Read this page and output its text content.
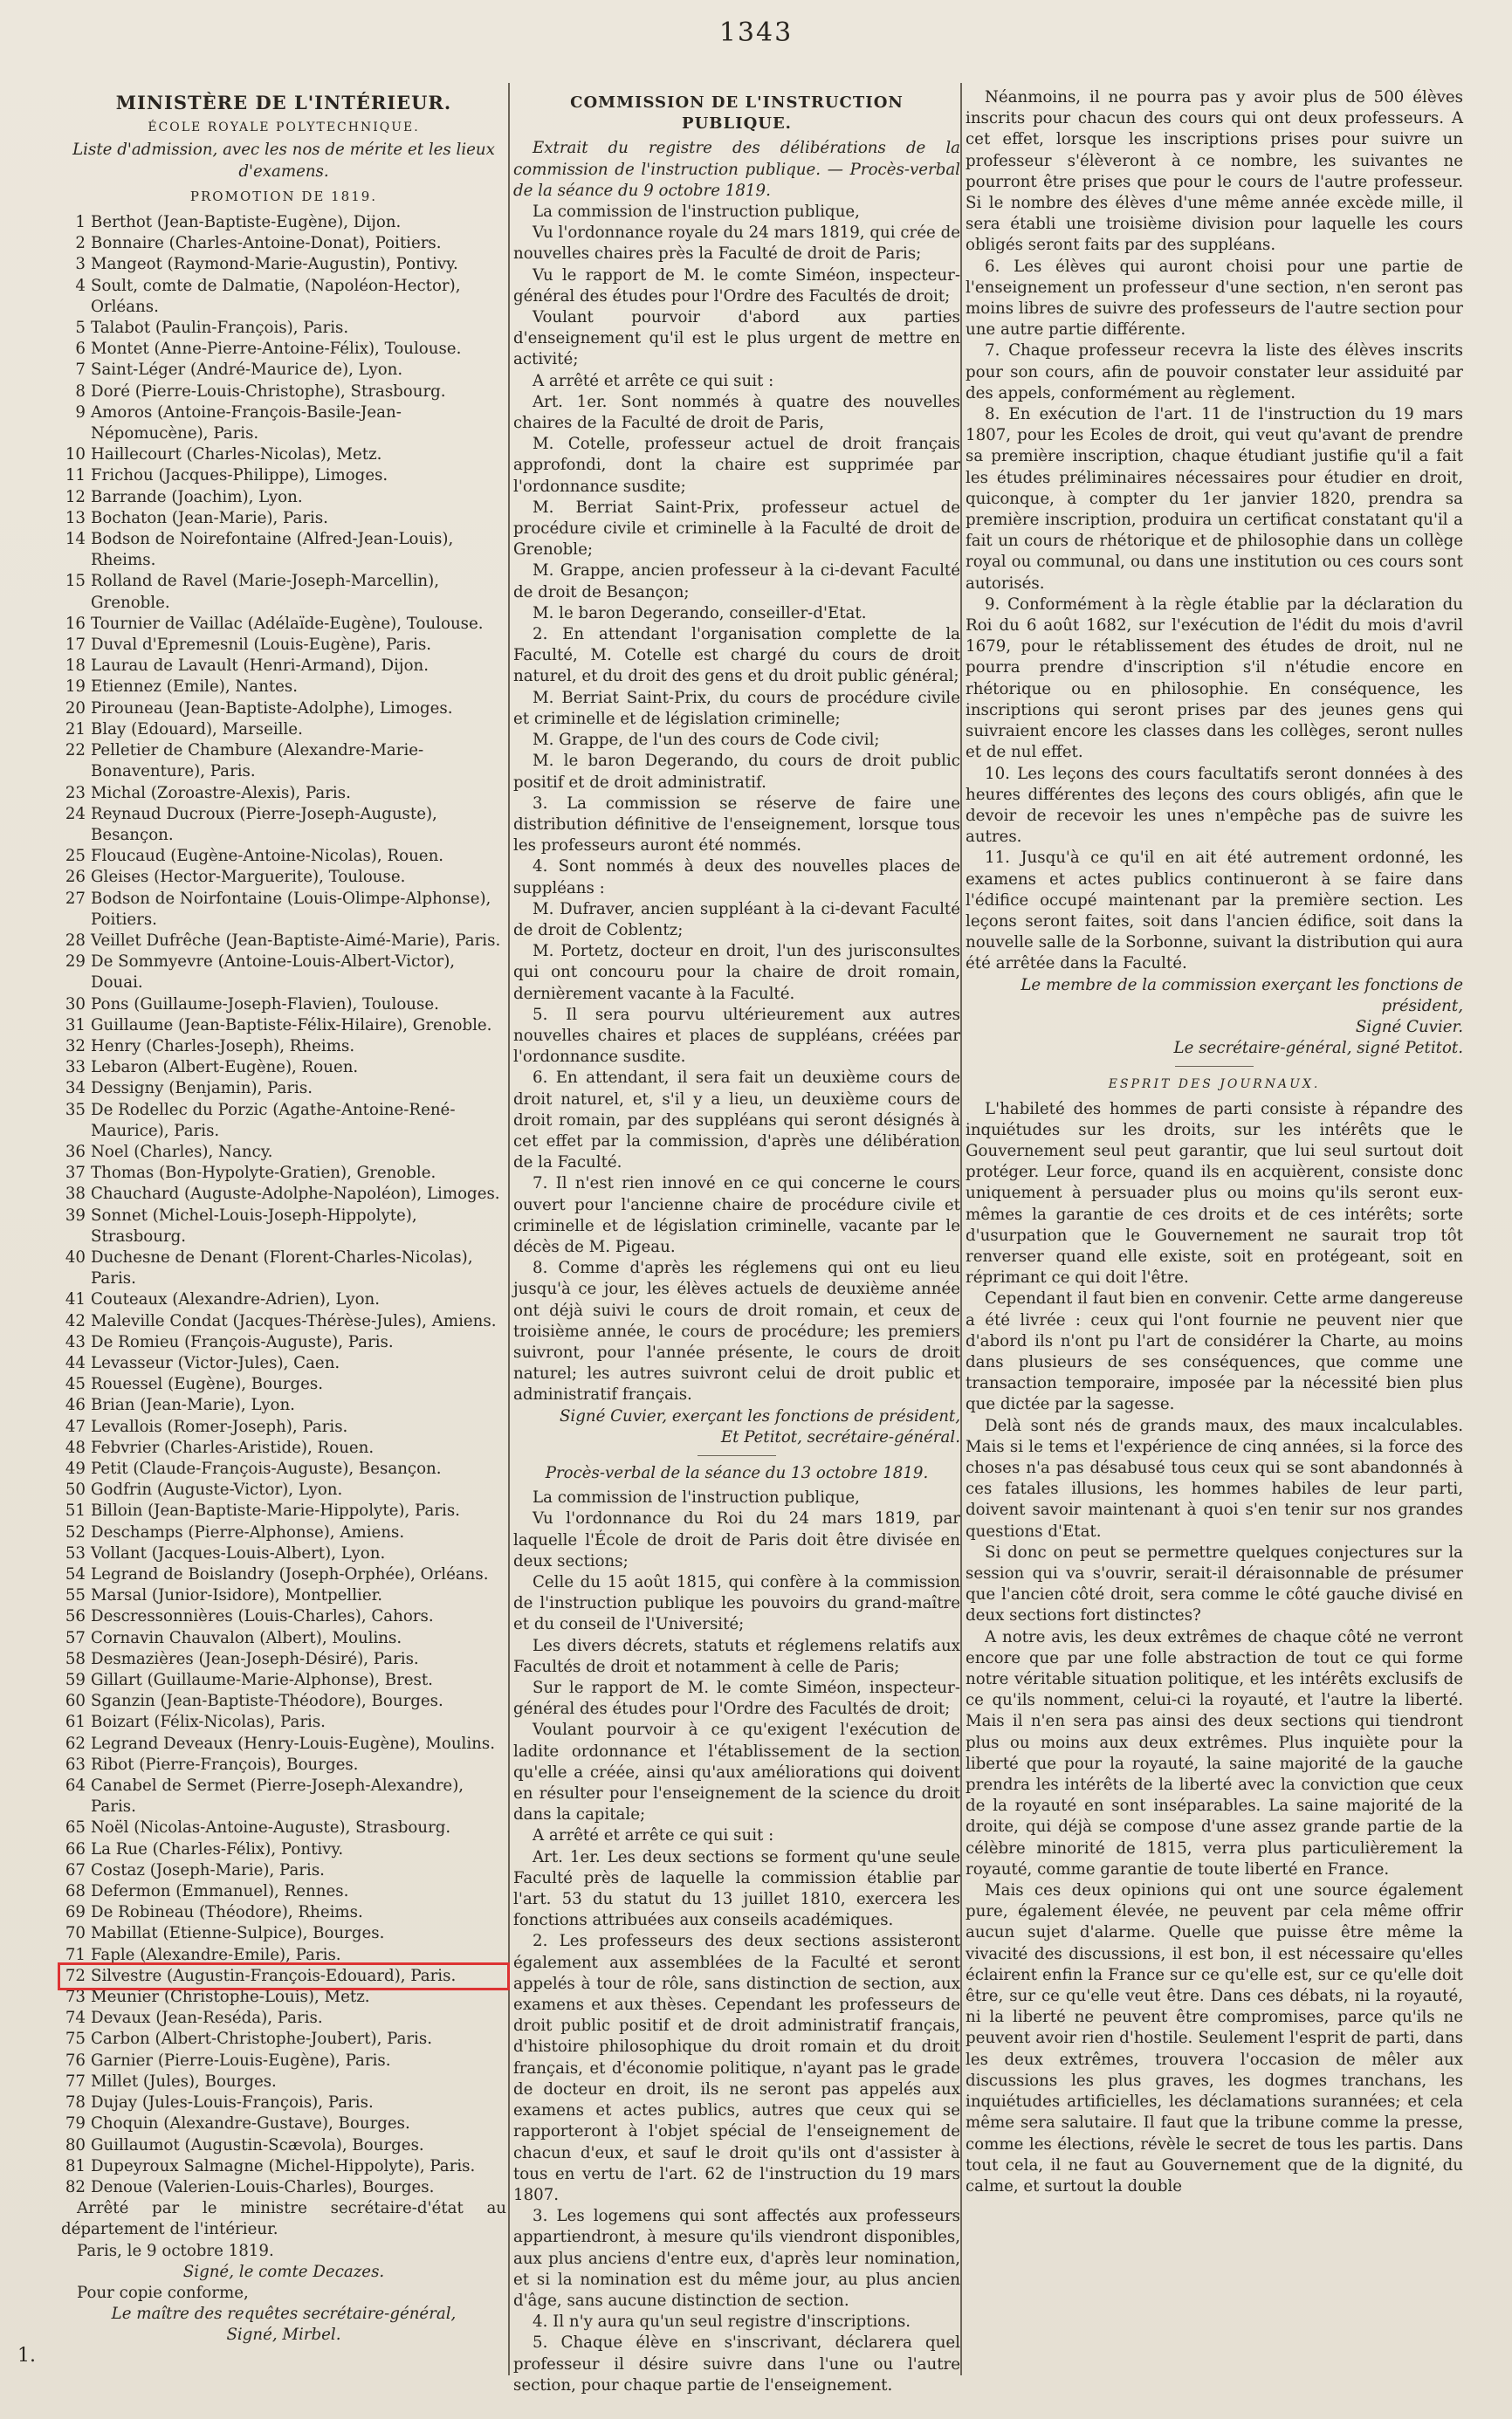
1343
MINISTÈRE DE L'INTÉRIEUR.
ÉCOLE ROYALE POLYTECHNIQUE.
Liste d'admission, avec les nos de mérite et les lieux d'examens.
PROMOTION DE 1819.
1 Berthot (Jean-Baptiste-Eugène), Dijon.
2 Bonnaire (Charles-Antoine-Donat), Poitiers.
3 Mangeot (Raymond-Marie-Augustin), Pontivy.
4 Soult, comte de Dalmatie, (Napoléon-Hector), Orléans.
5 Talabot (Paulin-François), Paris.
6 Montet (Anne-Pierre-Antoine-Félix), Toulouse.
7 Saint-Léger (André-Maurice de), Lyon.
8 Doré (Pierre-Louis-Christophe), Strasbourg.
9 Amoros (Antoine-François-Basile-Jean-Népomucène), Paris.
10 Haillecourt (Charles-Nicolas), Metz.
11 Frichou (Jacques-Philippe), Limoges.
12 Barrande (Joachim), Lyon.
13 Bochaton (Jean-Marie), Paris.
14 Bodson de Noirefontaine (Alfred-Jean-Louis), Rheims.
15 Rolland de Ravel (Marie-Joseph-Marcellin), Grenoble.
16 Tournier de Vaillac (Adélaïde-Eugène), Toulouse.
17 Duval d'Epremesnil (Louis-Eugène), Paris.
18 Laurau de Lavault (Henri-Armand), Dijon.
19 Etiennez (Emile), Nantes.
20 Pirouneau (Jean-Baptiste-Adolphe), Limoges.
21 Blay (Edouard), Marseille.
22 Pelletier de Chambure (Alexandre-Marie-Bonaventure), Paris.
23 Michal (Zoroastre-Alexis), Paris.
24 Reynaud Ducroux (Pierre-Joseph-Auguste), Besançon.
25 Floucaud (Eugène-Antoine-Nicolas), Rouen.
26 Gleises (Hector-Marguerite), Toulouse.
27 Bodson de Noirfontaine (Louis-Olimpe-Alphonse), Poitiers.
28 Veillet Dufrêche (Jean-Baptiste-Aimé-Marie), Paris.
29 De Sommyevre (Antoine-Louis-Albert-Victor), Douai.
30 Pons (Guillaume-Joseph-Flavien), Toulouse.
31 Guillaume (Jean-Baptiste-Félix-Hilaire), Grenoble.
32 Henry (Charles-Joseph), Rheims.
33 Lebaron (Albert-Eugène), Rouen.
34 Dessigny (Benjamin), Paris.
35 De Rodellec du Porzic (Agathe-Antoine-René-Maurice), Paris.
36 Noel (Charles), Nancy.
37 Thomas (Bon-Hypolyte-Gratien), Grenoble.
38 Chauchard (Auguste-Adolphe-Napoléon), Limoges.
39 Sonnet (Michel-Louis-Joseph-Hippolyte), Strasbourg.
40 Duchesne de Denant (Florent-Charles-Nicolas), Paris.
41 Couteaux (Alexandre-Adrien), Lyon.
42 Maleville Condat (Jacques-Thérèse-Jules), Amiens.
43 De Romieu (François-Auguste), Paris.
44 Levasseur (Victor-Jules), Caen.
45 Rouessel (Eugène), Bourges.
46 Brian (Jean-Marie), Lyon.
47 Levallois (Romer-Joseph), Paris.
48 Febvrier (Charles-Aristide), Rouen.
49 Petit (Claude-François-Auguste), Besançon.
50 Godfrin (Auguste-Victor), Lyon.
51 Billoin (Jean-Baptiste-Marie-Hippolyte), Paris.
52 Deschamps (Pierre-Alphonse), Amiens.
53 Vollant (Jacques-Louis-Albert), Lyon.
54 Legrand de Boislandry (Joseph-Orphée), Orléans.
55 Marsal (Junior-Isidore), Montpellier.
56 Descressonnières (Louis-Charles), Cahors.
57 Cornavin Chauvalon (Albert), Moulins.
58 Desmazières (Jean-Joseph-Désiré), Paris.
59 Gillart (Guillaume-Marie-Alphonse), Brest.
60 Sganzin (Jean-Baptiste-Théodore), Bourges.
61 Boizart (Félix-Nicolas), Paris.
62 Legrand Deveaux (Henry-Louis-Eugène), Moulins.
63 Ribot (Pierre-François), Bourges.
64 Canabel de Sermet (Pierre-Joseph-Alexandre), Paris.
65 Noël (Nicolas-Antoine-Auguste), Strasbourg.
66 La Rue (Charles-Félix), Pontivy.
67 Costaz (Joseph-Marie), Paris.
68 Defermon (Emmanuel), Rennes.
69 De Robineau (Théodore), Rheims.
70 Mabillat (Etienne-Sulpice), Bourges.
71 Faple (Alexandre-Emile), Paris.
72 Silvestre (Augustin-François-Edouard), Paris.
73 Meunier (Christophe-Louis), Metz.
74 Devaux (Jean-Reséda), Paris.
75 Carbon (Albert-Christophe-Joubert), Paris.
76 Garnier (Pierre-Louis-Eugène), Paris.
77 Millet (Jules), Bourges.
78 Dujay (Jules-Louis-François), Paris.
79 Choquin (Alexandre-Gustave), Bourges.
80 Guillaumot (Augustin-Scævola), Bourges.
81 Dupeyroux Salmagne (Michel-Hippolyte), Paris.
82 Denoue (Valerien-Louis-Charles), Bourges.

Arrêté par le ministre secrétaire-d'état au département de l'intérieur.

Paris, le 9 octobre 1819.

Signé, le comte Decazes.

Pour copie conforme,

Le maître des requêtes secrétaire-général,

Signé, Mirbel.

COMMISSION DE L'INSTRUCTION PUBLIQUE.

Extrait du registre des délibérations de la commission de l'instruction publique. — Procès-verbal de la séance du 9 octobre 1819.

La commission de l'instruction publique,

Vu l'ordonnance royale du 24 mars 1819, qui crée de nouvelles chaires près la Faculté de droit de Paris;

Vu le rapport de M. le comte Siméon, inspecteur-général des études pour l'Ordre des Facultés de droit;

Voulant pourvoir d'abord aux parties d'enseignement qu'il est le plus urgent de mettre en activité;

A arrêté et arrête ce qui suit :

Art. 1er. Sont nommés à quatre des nouvelles chaires de la Faculté de droit de Paris,

M. Cotelle, professeur actuel de droit français approfondi, dont la chaire est supprimée par l'ordonnance susdite;

M. Berriat Saint-Prix, professeur actuel de procédure civile et criminelle à la Faculté de droit de Grenoble;

M. Grappe, ancien professeur à la ci-devant Faculté de droit de Besançon;

M. le baron Degerando, conseiller-d'Etat.

2. En attendant l'organisation complette de la Faculté, M. Cotelle est chargé du cours de droit naturel, et du droit des gens et du droit public général;

M. Berriat Saint-Prix, du cours de procédure civile et criminelle et de législation criminelle;

M. Grappe, de l'un des cours de Code civil;

M. le baron Degerando, du cours de droit public positif et de droit administratif.

3. La commission se réserve de faire une distribution définitive de l'enseignement, lorsque tous les professeurs auront été nommés.

4. Sont nommés à deux des nouvelles places de suppléans :

M. Dufraver, ancien suppléant à la ci-devant Faculté de droit de Coblentz;

M. Portetz, docteur en droit, l'un des jurisconsultes qui ont concouru pour la chaire de droit romain, dernièrement vacante à la Faculté.

5. Il sera pourvu ultérieurement aux autres nouvelles chaires et places de suppléans, créées par l'ordonnance susdite.

6. En attendant, il sera fait un deuxième cours de droit naturel, et, s'il y a lieu, un deuxième cours de droit romain, par des suppléans qui seront désignés à cet effet par la commission, d'après une délibération de la Faculté.

7. Il n'est rien innové en ce qui concerne le cours ouvert pour l'ancienne chaire de procédure civile et criminelle et de législation criminelle, vacante par le décès de M. Pigeau.

8. Comme d'après les réglemens qui ont eu lieu jusqu'à ce jour, les élèves actuels de deuxième année ont déjà suivi le cours de droit romain, et ceux de troisième année, le cours de procédure; les premiers suivront, pour l'année présente, le cours de droit naturel; les autres suivront celui de droit public et administratif français.

Signé Cuvier, exerçant les fonctions de président,

Et Petitot, secrétaire-général.

Procès-verbal de la séance du 13 octobre 1819.

La commission de l'instruction publique,

Vu l'ordonnance du Roi du 24 mars 1819, par laquelle l'École de droit de Paris doit être divisée en deux sections;

Celle du 15 août 1815, qui confère à la commission de l'instruction publique les pouvoirs du grand-maître et du conseil de l'Université;

Les divers décrets, statuts et réglemens relatifs aux Facultés de droit et notamment à celle de Paris;

Sur le rapport de M. le comte Siméon, inspecteur-général des études pour l'Ordre des Facultés de droit;

Voulant pourvoir à ce qu'exigent l'exécution de ladite ordonnance et l'établissement de la section qu'elle a créée, ainsi qu'aux améliorations qui doivent en résulter pour l'enseignement de la science du droit dans la capitale;

A arrêté et arrête ce qui suit :

Art. 1er. Les deux sections se forment qu'une seule Faculté près de laquelle la commission établie par l'art. 53 du statut du 13 juillet 1810, exercera les fonctions attribuées aux conseils académiques.

2. Les professeurs des deux sections assisteront également aux assemblées de la Faculté et seront appelés à tour de rôle, sans distinction de section, aux examens et aux thèses. Cependant les professeurs de droit public positif et de droit administratif français, d'histoire philosophique du droit romain et du droit français, et d'économie politique, n'ayant pas le grade de docteur en droit, ils ne seront pas appelés aux examens et actes publics, autres que ceux qui se rapporteront à l'objet spécial de l'enseignement de chacun d'eux, et sauf le droit qu'ils ont d'assister à tous en vertu de l'art. 62 de l'instruction du 19 mars 1807.

3. Les logemens qui sont affectés aux professeurs appartiendront, à mesure qu'ils viendront disponibles, aux plus anciens d'entre eux, d'après leur nomination, et si la nomination est du même jour, au plus ancien d'âge, sans aucune distinction de section.

4. Il n'y aura qu'un seul registre d'inscriptions.

5. Chaque élève en s'inscrivant, déclarera quel professeur il désire suivre dans l'une ou l'autre section, pour chaque partie de l'enseignement.

Néanmoins, il ne pourra pas y avoir plus de 500 élèves inscrits pour chacun des cours qui ont deux professeurs. A cet effet, lorsque les inscriptions prises pour suivre un professeur s'élèveront à ce nombre, les suivantes ne pourront être prises que pour le cours de l'autre professeur. Si le nombre des élèves d'une même année excède mille, il sera établi une troisième division pour laquelle les cours obligés seront faits par des suppléans.

6. Les élèves qui auront choisi pour une partie de l'enseignement un professeur d'une section, n'en seront pas moins libres de suivre des professeurs de l'autre section pour une autre partie différente.

7. Chaque professeur recevra la liste des élèves inscrits pour son cours, afin de pouvoir constater leur assiduité par des appels, conformément au règlement.

8. En exécution de l'art. 11 de l'instruction du 19 mars 1807, pour les Ecoles de droit, qui veut qu'avant de prendre sa première inscription, chaque étudiant justifie qu'il a fait les études préliminaires nécessaires pour étudier en droit, quiconque, à compter du 1er janvier 1820, prendra sa première inscription, produira un certificat constatant qu'il a fait un cours de rhétorique et de philosophie dans un collège royal ou communal, ou dans une institution ou ces cours sont autorisés.

9. Conformément à la règle établie par la déclaration du Roi du 6 août 1682, sur l'exécution de l'édit du mois d'avril 1679, pour le rétablissement des études de droit, nul ne pourra prendre d'inscription s'il n'étudie encore en rhétorique ou en philosophie. En conséquence, les inscriptions qui seront prises par des jeunes gens qui suivraient encore les classes dans les collèges, seront nulles et de nul effet.

10. Les leçons des cours facultatifs seront données à des heures différentes des leçons des cours obligés, afin que le devoir de recevoir les unes n'empêche pas de suivre les autres.

11. Jusqu'à ce qu'il en ait été autrement ordonné, les examens et actes publics continueront à se faire dans l'édifice occupé maintenant par la première section. Les leçons seront faites, soit dans l'ancien édifice, soit dans la nouvelle salle de la Sorbonne, suivant la distribution qui aura été arrêtée dans la Faculté.

Le membre de la commission exerçant les fonctions de président,

Signé Cuvier.

Le secrétaire-général, signé Petitot.

ESPRIT DES JOURNAUX.

L'habileté des hommes de parti consiste à répandre des inquiétudes sur les droits, sur les intérêts que le Gouvernement seul peut garantir, que lui seul surtout doit protéger. Leur force, quand ils en acquièrent, consiste donc uniquement à persuader plus ou moins qu'ils seront eux-mêmes la garantie de ces droits et de ces intérêts; sorte d'usurpation que le Gouvernement ne saurait trop tôt renverser quand elle existe, soit en protégeant, soit en réprimant ce qui doit l'être.

Cependant il faut bien en convenir. Cette arme dangereuse a été livrée : ceux qui l'ont fournie ne peuvent nier que d'abord ils n'ont pu l'art de considérer la Charte, au moins dans plusieurs de ses conséquences, que comme une transaction temporaire, imposée par la nécessité bien plus que dictée par la sagesse.

Delà sont nés de grands maux, des maux incalculables. Mais si le tems et l'expérience de cinq années, si la force des choses n'a pas désabusé tous ceux qui se sont abandonnés à ces fatales illusions, les hommes habiles de leur parti, doivent savoir maintenant à quoi s'en tenir sur nos grandes questions d'Etat.

Si donc on peut se permettre quelques conjectures sur la session qui va s'ouvrir, serait-il déraisonnable de présumer que l'ancien côté droit, sera comme le côté gauche divisé en deux sections fort distinctes?

A notre avis, les deux extrêmes de chaque côté ne verront encore que par une folle abstraction de tout ce qui forme notre véritable situation politique, et les intérêts exclusifs de ce qu'ils nomment, celui-ci la royauté, et l'autre la liberté. Mais il n'en sera pas ainsi des deux sections qui tiendront plus ou moins aux deux extrêmes. Plus inquiète pour la liberté que pour la royauté, la saine majorité de la gauche prendra les intérêts de la liberté avec la conviction que ceux de la royauté en sont inséparables. La saine majorité de la droite, qui déjà se compose d'une assez grande partie de la célèbre minorité de 1815, verra plus particulièrement la royauté, comme garantie de toute liberté en France.

Mais ces deux opinions qui ont une source également pure, également élevée, ne peuvent par cela même offrir aucun sujet d'alarme. Quelle que puisse être même la vivacité des discussions, il est bon, il est nécessaire qu'elles éclairent enfin la France sur ce qu'elle est, sur ce qu'elle doit être, sur ce qu'elle veut être. Dans ces débats, ni la royauté, ni la liberté ne peuvent être compromises, parce qu'ils ne peuvent avoir rien d'hostile. Seulement l'esprit de parti, dans les deux extrêmes, trouvera l'occasion de mêler aux discussions les plus graves, les dogmes tranchans, les inquiétudes artificielles, les déclamations surannées; et cela même sera salutaire. Il faut que la tribune comme la presse, comme les élections, révèle le secret de tous les partis. Dans tout cela, il ne faut au Gouvernement que de la dignité, du calme, et surtout la double

1.
